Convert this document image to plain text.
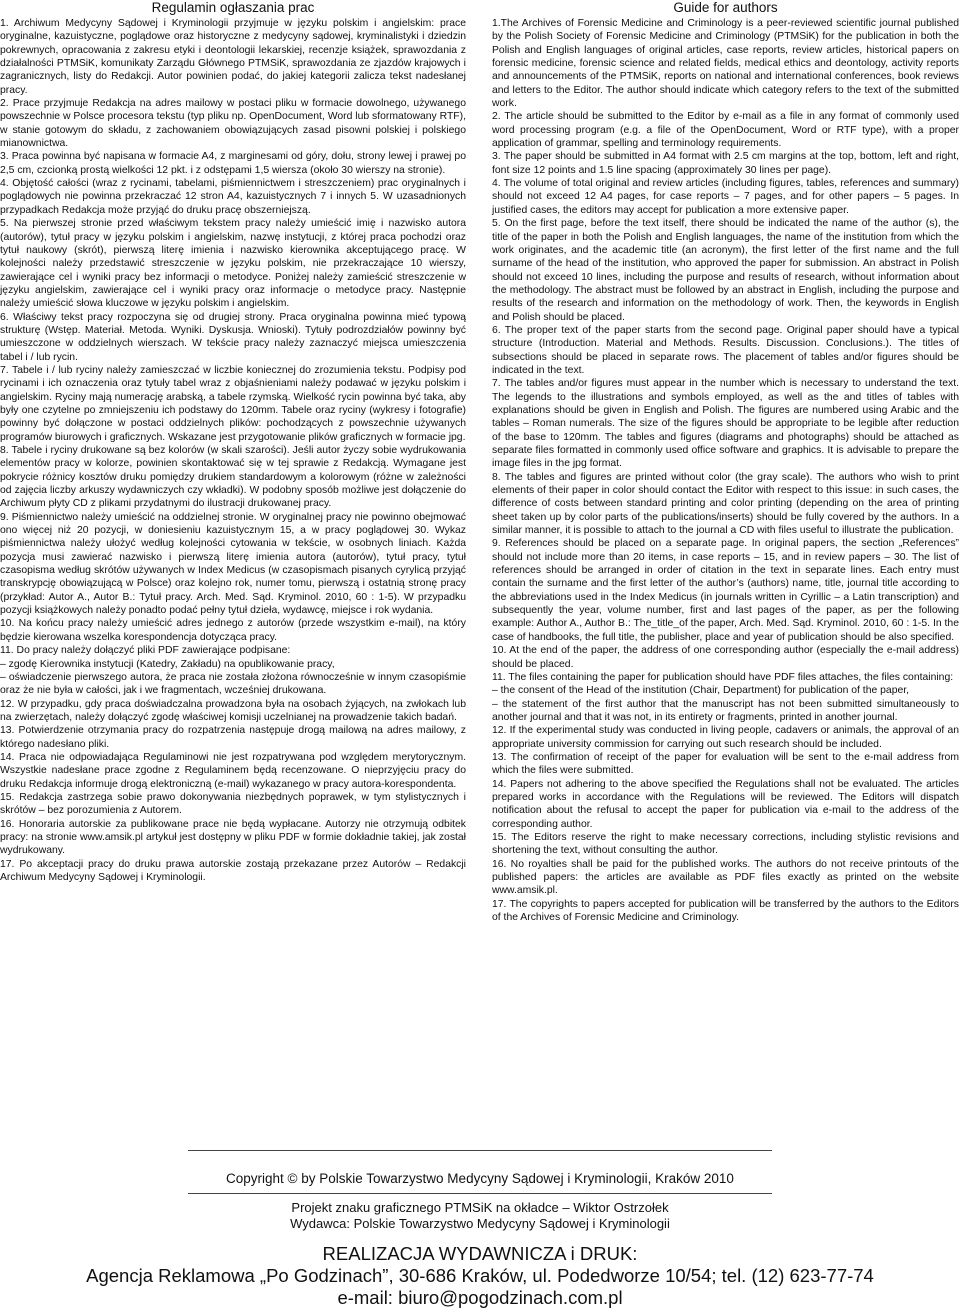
Regulamin ogłaszania prac

1. Archiwum Medycyny Sądowej i Kryminologii przyjmuje w języku polskim i angielskim: prace oryginalne, kazuistyczne, poglądowe oraz historyczne z medycyny sądowej, kryminalistyki i dziedzin pokrewnych, opracowania z zakresu etyki i deontologii lekarskiej, recenzje książek, sprawozdania z działalności PTMSiK, komunikaty Zarządu Głównego PTMSiK, sprawozdania ze zjazdów krajowych i zagranicznych, listy do Redakcji. Autor powinien podać, do jakiej kategorii zalicza tekst nadesłanej pracy.

2. Prace przyjmuje Redakcja na adres mailowy w postaci pliku w formacie dowolnego, używanego powszechnie w Polsce procesora tekstu (typ pliku np. OpenDocument, Word lub sformatowany RTF), w stanie gotowym do składu, z zachowaniem obowiązujących zasad pisowni polskiej i polskiego mianownictwa.

3. Praca powinna być napisana w formacie A4, z marginesami od góry, dołu, strony lewej i prawej po 2,5 cm, czcionką prostą wielkości 12 pkt. i z odstępami 1,5 wiersza (około 30 wierszy na stronie).

4. Objętość całości (wraz z rycinami, tabelami, piśmiennictwem i streszczeniem) prac oryginalnych i poglądowych nie powinna przekraczać 12 stron A4, kazuistycznych 7 i innych 5. W uzasadnionych przypadkach Redakcja może przyjąć do druku pracę obszerniejszą.

5. Na pierwszej stronie przed właściwym tekstem pracy należy umieścić imię i nazwisko autora (autorów), tytuł pracy w języku polskim i angielskim, nazwę instytucji, z której praca pochodzi oraz tytuł naukowy (skrót), pierwszą literę imienia i nazwisko kierownika akceptującego pracę. W kolejności należy przedstawić streszczenie w języku polskim, nie przekraczające 10 wierszy, zawierające cel i wyniki pracy bez informacji o metodyce. Poniżej należy zamieścić streszczenie w języku angielskim, zawierające cel i wyniki pracy oraz informacje o metodyce pracy. Następnie należy umieścić słowa kluczowe w języku polskim i angielskim.

6. Właściwy tekst pracy rozpoczyna się od drugiej strony. Praca oryginalna powinna mieć typową strukturę (Wstęp. Materiał. Metoda. Wyniki. Dyskusja. Wnioski). Tytuły podrozdziałów powinny być umieszczone w oddzielnych wierszach. W tekście pracy należy zaznaczyć miejsca umieszczenia tabel i / lub rycin.

7. Tabele i / lub ryciny należy zamieszczać w liczbie koniecznej do zrozumienia tekstu. Podpisy pod rycinami i ich oznaczenia oraz tytuły tabel wraz z objaśnieniami należy podawać w języku polskim i angielskim. Ryciny mają numerację arabską, a tabele rzymską. Wielkość rycin powinna być taka, aby były one czytelne po zmniejszeniu ich podstawy do 120mm. Tabele oraz ryciny (wykresy i fotografie) powinny być dołączone w postaci oddzielnych plików: pochodzących z powszechnie używanych programów biurowych i graficznych. Wskazane jest przygotowanie plików graficznych w formacie jpg.

8. Tabele i ryciny drukowane są bez kolorów (w skali szarości). Jeśli autor życzy sobie wydrukowania elementów pracy w kolorze, powinien skontaktować się w tej sprawie z Redakcją. Wymagane jest pokrycie różnicy kosztów druku pomiędzy drukiem standardowym a kolorowym (różne w zależności od zajęcia liczby arkuszy wydawniczych czy wkładki). W podobny sposób możliwe jest dołączenie do Archiwum płyty CD z plikami przydatnymi do ilustracji drukowanej pracy.

9. Piśmiennictwo należy umieścić na oddzielnej stronie. W oryginalnej pracy nie powinno obejmować ono więcej niż 20 pozycji, w doniesieniu kazuistycznym 15, a w pracy poglądowej 30. Wykaz piśmiennictwa należy ułożyć według kolejności cytowania w tekście, w osobnych liniach. Każda pozycja musi zawierać nazwisko i pierwszą literę imienia autora (autorów), tytuł pracy, tytuł czasopisma według skrótów używanych w Index Medicus (w czasopismach pisanych cyrylicą przyjąć transkrypcję obowiązującą w Polsce) oraz kolejno rok, numer tomu, pierwszą i ostatnią stronę pracy (przykład: Autor A., Autor B.: Tytuł pracy. Arch. Med. Sąd. Kryminol. 2010, 60 : 1-5). W przypadku pozycji książkowych należy ponadto podać pełny tytuł dzieła, wydawcę, miejsce i rok wydania.

10. Na końcu pracy należy umieścić adres jednego z autorów (przede wszystkim e-mail), na który będzie kierowana wszelka korespondencja dotycząca pracy.

11. Do pracy należy dołączyć pliki PDF zawierające podpisane:

– zgodę Kierownika instytucji (Katedry, Zakładu) na opublikowanie pracy,

– oświadczenie pierwszego autora, że praca nie została złożona równocześnie w innym czasopiśmie oraz że nie była w całości, jak i we fragmentach, wcześniej drukowana.

12. W przypadku, gdy praca doświadczalna prowadzona była na osobach żyjących, na zwłokach lub na zwierzętach, należy dołączyć zgodę właściwej komisji uczelnianej na prowadzenie takich badań.

13. Potwierdzenie otrzymania pracy do rozpatrzenia następuje drogą mailową na adres mailowy, z którego nadesłano pliki.

14. Praca nie odpowiadająca Regulaminowi nie jest rozpatrywana pod względem merytorycznym. Wszystkie nadesłane prace zgodne z Regulaminem będą recenzowane. O nieprzyjęciu pracy do druku Redakcja informuje drogą elektroniczną (e-mail) wykazanego w pracy autora-korespondenta.

15. Redakcja zastrzega sobie prawo dokonywania niezbędnych poprawek, w tym stylistycznych i skrótów – bez porozumienia z Autorem.

16. Honoraria autorskie za publikowane prace nie będą wypłacane. Autorzy nie otrzymują odbitek pracy: na stronie www.amsik.pl artykuł jest dostępny w pliku PDF w formie dokładnie takiej, jak został wydrukowany.

17. Po akceptacji pracy do druku prawa autorskie zostają przekazane przez Autorów – Redakcji Archiwum Medycyny Sądowej i Kryminologii.

Guide for authors

1.The Archives of Forensic Medicine and Criminology is a peer-reviewed scientific journal published by the Polish Society of Forensic Medicine and Criminology (PTMSiK) for the publication in both the Polish and English languages of original articles, case reports, review articles, historical papers on forensic medicine, forensic science and related fields, medical ethics and deontology, activity reports and announcements of the PTMSiK, reports on national and international conferences, book reviews and letters to the Editor. The author should indicate which category refers to the text of the submitted work.

2. The article should be submitted to the Editor by e-mail as a file in any format of commonly used word processing program (e.g. a file of the OpenDocument, Word or RTF type), with a proper application of grammar, spelling and terminology requirements.

3. The paper should be submitted in A4 format with 2.5 cm margins at the top, bottom, left and right, font size 12 points and 1.5 line spacing (approximately 30 lines per page).

4. The volume of total original and review articles (including figures, tables, references and summary) should not exceed 12 A4 pages, for case reports – 7 pages, and for other papers – 5 pages. In justified cases, the editors may accept for publication a more extensive paper.

5. On the first page, before the text itself, there should be indicated the name of the author (s), the title of the paper in both the Polish and English languages, the name of the institution from which the work originates, and the academic title (an acronym), the first letter of the first name and the full surname of the head of the institution, who approved the paper for submission. An abstract in Polish should not exceed 10 lines, including the purpose and results of research, without information about the methodology. The abstract must be followed by an abstract in English, including the purpose and results of the research and information on the methodology of work. Then, the keywords in English and Polish should be placed.

6. The proper text of the paper starts from the second page. Original paper should have a typical structure (Introduction. Material and Methods. Results. Discussion. Conclusions.). The titles of subsections should be placed in separate rows. The placement of tables and/or figures should be indicated in the text.

7. The tables and/or figures must appear in the number which is necessary to understand the text. The legends to the illustrations and symbols employed, as well as the and titles of tables with explanations should be given in English and Polish. The figures are numbered using Arabic and the tables – Roman numerals. The size of the figures should be appropriate to be legible after reduction of the base to 120mm. The tables and figures (diagrams and photographs) should be attached as separate files formatted in commonly used office software and graphics. It is advisable to prepare the image files in the jpg format.

8. The tables and figures are printed without color (the gray scale). The authors who wish to print elements of their paper in color should contact the Editor with respect to this issue: in such cases, the difference of costs between standard printing and color printing (depending on the area of printing sheet taken up by color parts of the publications/inserts) should be fully covered by the authors. In a similar manner, it is possible to attach to the journal a CD with files useful to illustrate the publication.

9. References should be placed on a separate page. In original papers, the section „References” should not include more than 20 items, in case reports – 15, and in review papers – 30. The list of references should be arranged in order of citation in the text in separate lines. Each entry must contain the surname and the first letter of the author’s (authors) name, title, journal title according to the abbreviations used in the Index Medicus (in journals written in Cyrillic – a Latin transcription) and subsequently the year, volume number, first and last pages of the paper, as per the following example: Author A., Author B.: The_title_of the paper, Arch. Med. Sąd. Kryminol. 2010, 60 : 1-5. In the case of handbooks, the full title, the publisher, place and year of publication should be also specified.

10. At the end of the paper, the address of one corresponding author (especially the e-mail address) should be placed.

11. The files containing the paper for publication should have PDF files attaches, the files containing:

– the consent of the Head of the institution (Chair, Department) for publication of the paper,

– the statement of the first author that the manuscript has not been submitted simultaneously to another journal and that it was not, in its entirety or fragments, printed in another journal.

12. If the experimental study was conducted in living people, cadavers or animals, the approval of an appropriate university commission for carrying out such research should be included.

13. The confirmation of receipt of the paper for evaluation will be sent to the e-mail address from which the files were submitted.

14. Papers not adhering to the above specified the Regulations shall not be evaluated. The articles prepared works in accordance with the Regulations will be reviewed. The Editors will dispatch notification about the refusal to accept the paper for publication via e-mail to the address of the corresponding author.

15. The Editors reserve the right to make necessary corrections, including stylistic revisions and shortening the text, without consulting the author.

16. No royalties shall be paid for the published works. The authors do not receive printouts of the published papers: the articles are available as PDF files exactly as printed on the website www.amsik.pl.

17. The copyrights to papers accepted for publication will be transferred by the authors to the Editors of the Archives of Forensic Medicine and Criminology.

Copyright © by Polskie Towarzystwo Medycyny Sądowej i Kryminologii, Kraków 2010
Projekt znaku graficznego PTMSiK na okładce – Wiktor Ostrzołek
Wydawca: Polskie Towarzystwo Medycyny Sądowej i Kryminologii
REALIZACJA WYDAWNICZA i DRUK:
Agencja Reklamowa „Po Godzinach”, 30-686 Kraków, ul. Podedworze 10/54; tel. (12) 623-77-74
e-mail: biuro@pogodzinach.com.pl
